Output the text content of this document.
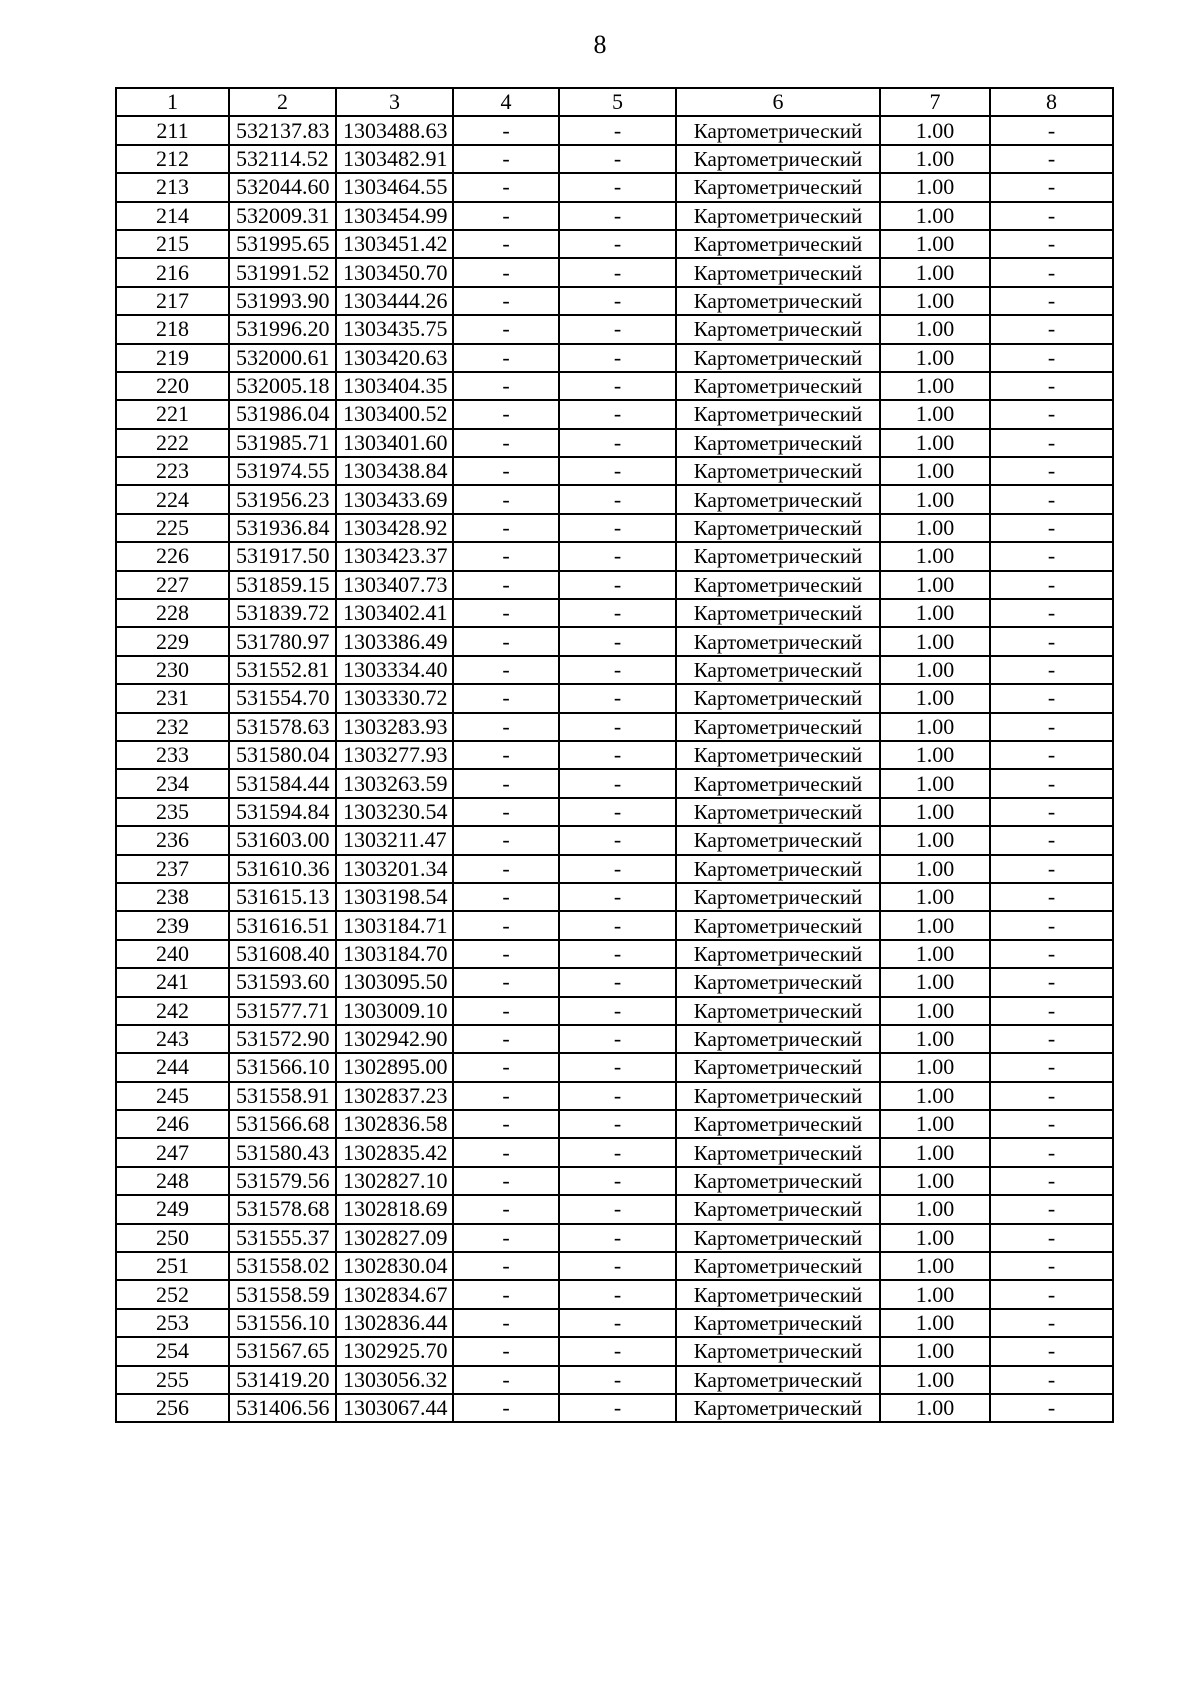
8
1	2	3	4	5	6	7	8
211	532137.83	1303488.63	-	-	Картометрический	1.00	-
212	532114.52	1303482.91	-	-	Картометрический	1.00	-
213	532044.60	1303464.55	-	-	Картометрический	1.00	-
214	532009.31	1303454.99	-	-	Картометрический	1.00	-
215	531995.65	1303451.42	-	-	Картометрический	1.00	-
216	531991.52	1303450.70	-	-	Картометрический	1.00	-
217	531993.90	1303444.26	-	-	Картометрический	1.00	-
218	531996.20	1303435.75	-	-	Картометрический	1.00	-
219	532000.61	1303420.63	-	-	Картометрический	1.00	-
220	532005.18	1303404.35	-	-	Картометрический	1.00	-
221	531986.04	1303400.52	-	-	Картометрический	1.00	-
222	531985.71	1303401.60	-	-	Картометрический	1.00	-
223	531974.55	1303438.84	-	-	Картометрический	1.00	-
224	531956.23	1303433.69	-	-	Картометрический	1.00	-
225	531936.84	1303428.92	-	-	Картометрический	1.00	-
226	531917.50	1303423.37	-	-	Картометрический	1.00	-
227	531859.15	1303407.73	-	-	Картометрический	1.00	-
228	531839.72	1303402.41	-	-	Картометрический	1.00	-
229	531780.97	1303386.49	-	-	Картометрический	1.00	-
230	531552.81	1303334.40	-	-	Картометрический	1.00	-
231	531554.70	1303330.72	-	-	Картометрический	1.00	-
232	531578.63	1303283.93	-	-	Картометрический	1.00	-
233	531580.04	1303277.93	-	-	Картометрический	1.00	-
234	531584.44	1303263.59	-	-	Картометрический	1.00	-
235	531594.84	1303230.54	-	-	Картометрический	1.00	-
236	531603.00	1303211.47	-	-	Картометрический	1.00	-
237	531610.36	1303201.34	-	-	Картометрический	1.00	-
238	531615.13	1303198.54	-	-	Картометрический	1.00	-
239	531616.51	1303184.71	-	-	Картометрический	1.00	-
240	531608.40	1303184.70	-	-	Картометрический	1.00	-
241	531593.60	1303095.50	-	-	Картометрический	1.00	-
242	531577.71	1303009.10	-	-	Картометрический	1.00	-
243	531572.90	1302942.90	-	-	Картометрический	1.00	-
244	531566.10	1302895.00	-	-	Картометрический	1.00	-
245	531558.91	1302837.23	-	-	Картометрический	1.00	-
246	531566.68	1302836.58	-	-	Картометрический	1.00	-
247	531580.43	1302835.42	-	-	Картометрический	1.00	-
248	531579.56	1302827.10	-	-	Картометрический	1.00	-
249	531578.68	1302818.69	-	-	Картометрический	1.00	-
250	531555.37	1302827.09	-	-	Картометрический	1.00	-
251	531558.02	1302830.04	-	-	Картометрический	1.00	-
252	531558.59	1302834.67	-	-	Картометрический	1.00	-
253	531556.10	1302836.44	-	-	Картометрический	1.00	-
254	531567.65	1302925.70	-	-	Картометрический	1.00	-
255	531419.20	1303056.32	-	-	Картометрический	1.00	-
256	531406.56	1303067.44	-	-	Картометрический	1.00	-
